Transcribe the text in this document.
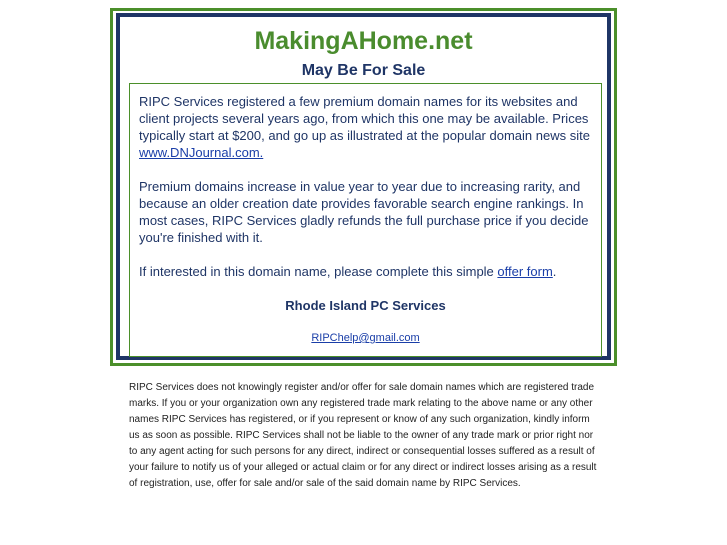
MakingAHome.net
May Be For Sale

RIPC Services registered a few premium domain names for its websites and client projects several years ago, from which this one may be available. Prices typically start at $200, and go up as illustrated at the popular domain news site www.DNJournal.com.

Premium domains increase in value year to year due to increasing rarity, and because an older creation date provides favorable search engine rankings. In most cases, RIPC Services gladly refunds the full purchase price if you decide you're finished with it.

If interested in this domain name, please complete this simple offer form.

Rhode Island PC Services

RIPChelp@gmail.com

RIPC Services does not knowingly register and/or offer for sale domain names which are registered trade marks. If you or your organization own any registered trade mark relating to the above name or any other names RIPC Services has registered, or if you represent or know of any such organization, kindly inform us as soon as possible. RIPC Services shall not be liable to the owner of any trade mark or prior right nor to any agent acting for such persons for any direct, indirect or consequential losses suffered as a result of your failure to notify us of your alleged or actual claim or for any direct or indirect losses arising as a result of registration, use, offer for sale and/or sale of the said domain name by RIPC Services.
